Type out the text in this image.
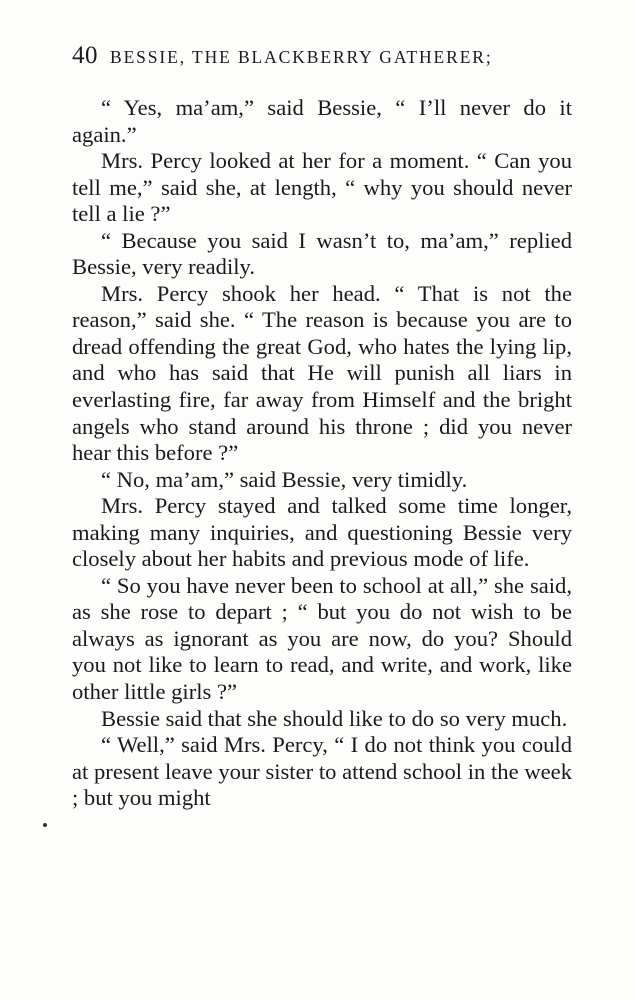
40 BESSIE, THE BLACKBERRY GATHERER;

“ Yes, ma’am,” said Bessie, “ I’ll never do it again.”

Mrs. Percy looked at her for a moment. “ Can you tell me,” said she, at length, “ why you should never tell a lie ?”

“ Because you said I wasn’t to, ma’am,” replied Bessie, very readily.

Mrs. Percy shook her head. “ That is not the reason,” said she. “ The reason is because you are to dread offending the great God, who hates the lying lip, and who has said that He will punish all liars in everlasting fire, far away from Himself and the bright angels who stand around his throne ; did you never hear this before ?”

“ No, ma’am,” said Bessie, very timidly.

Mrs. Percy stayed and talked some time longer, making many inquiries, and questioning Bessie very closely about her habits and previous mode of life.

“ So you have never been to school at all,” she said, as she rose to depart ; “ but you do not wish to be always as ignorant as you are now, do you? Should you not like to learn to read, and write, and work, like other little girls ?”

Bessie said that she should like to do so very much.

“ Well,” said Mrs. Percy, “ I do not think you could at present leave your sister to attend school in the week ; but you might
